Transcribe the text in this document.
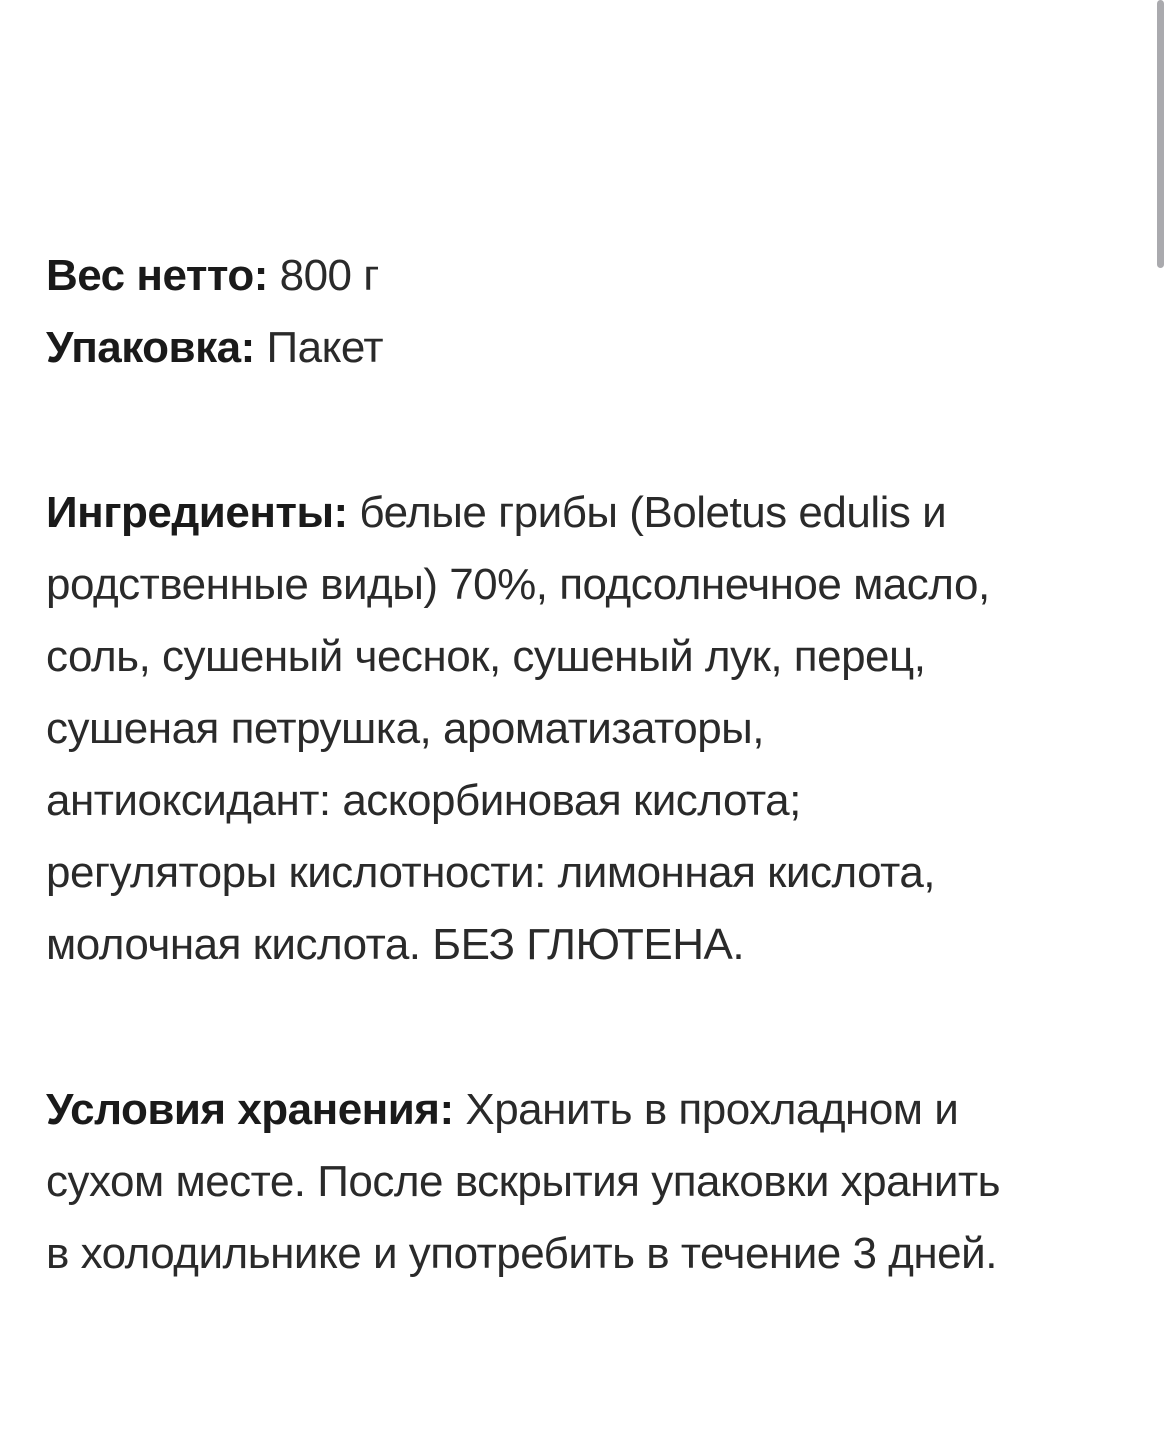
Вес нетто: 800 г
Упаковка: Пакет
Ингредиенты: белые грибы (Boletus edulis и
родственные виды) 70%, подсолнечное масло,
соль, сушеный чеснок, сушеный лук, перец,
сушеная петрушка, ароматизаторы,
антиоксидант: аскорбиновая кислота;
регуляторы кислотности: лимонная кислота,
молочная кислота. БЕЗ ГЛЮТЕНА.
Условия хранения: Хранить в прохладном и
сухом месте. После вскрытия упаковки хранить
в холодильнике и употребить в течение 3 дней.
